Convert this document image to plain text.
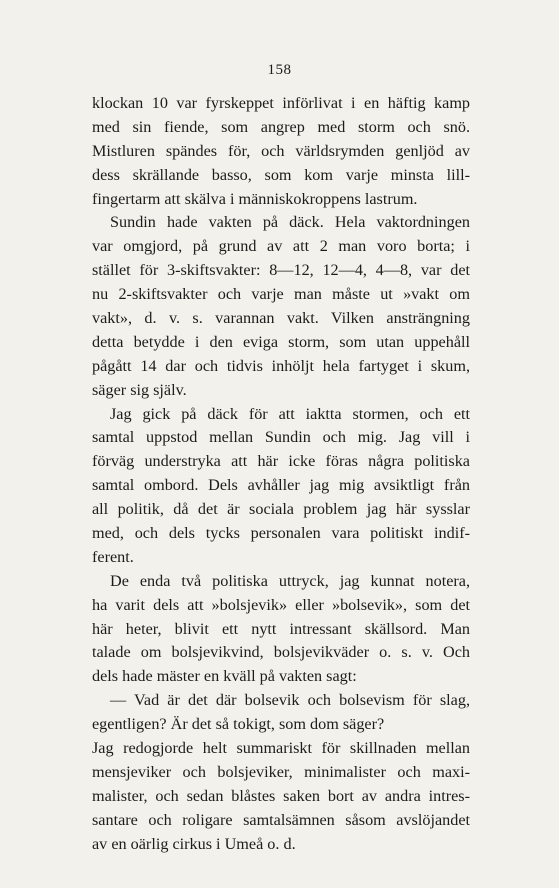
158
klockan 10 var fyrskeppet införlivat i en häftig kamp
med sin fiende, som angrep med storm och snö.
Mistluren spändes för, och världsrymden genljöd av
dess skrällande basso, som kom varje minsta lill-
fingertarm att skälva i människokroppens lastrum.
Sundin hade vakten på däck. Hela vaktordningen
var omgjord, på grund av att 2 man voro borta; i
stället för 3-skiftsvakter: 8—12, 12—4, 4—8, var det
nu 2-skiftsvakter och varje man måste ut »vakt om
vakt», d. v. s. varannan vakt. Vilken ansträngning
detta betydde i den eviga storm, som utan uppehåll
pågått 14 dar och tidvis inhöljt hela fartyget i skum,
säger sig själv.
Jag gick på däck för att iaktta stormen, och ett
samtal uppstod mellan Sundin och mig. Jag vill i
förväg understryka att här icke föras några politiska
samtal ombord. Dels avhåller jag mig avsiktligt från
all politik, då det är sociala problem jag här sysslar
med, och dels tycks personalen vara politiskt indif-
ferent.
De enda två politiska uttryck, jag kunnat notera,
ha varit dels att »bolsjevik» eller »bolsevik», som det
här heter, blivit ett nytt intressant skällsord. Man
talade om bolsjevikvind, bolsjevikväder o. s. v. Och
dels hade mäster en kväll på vakten sagt:
— Vad är det där bolsevik och bolsevism för slag,
egentligen? Är det så tokigt, som dom säger?
Jag redogjorde helt summariskt för skillnaden mellan
mensjeviker och bolsjeviker, minimalister och maxi-
malister, och sedan blåstes saken bort av andra intres-
santare och roligare samtalsämnen såsom avslöjandet
av en oärlig cirkus i Umeå o. d.
